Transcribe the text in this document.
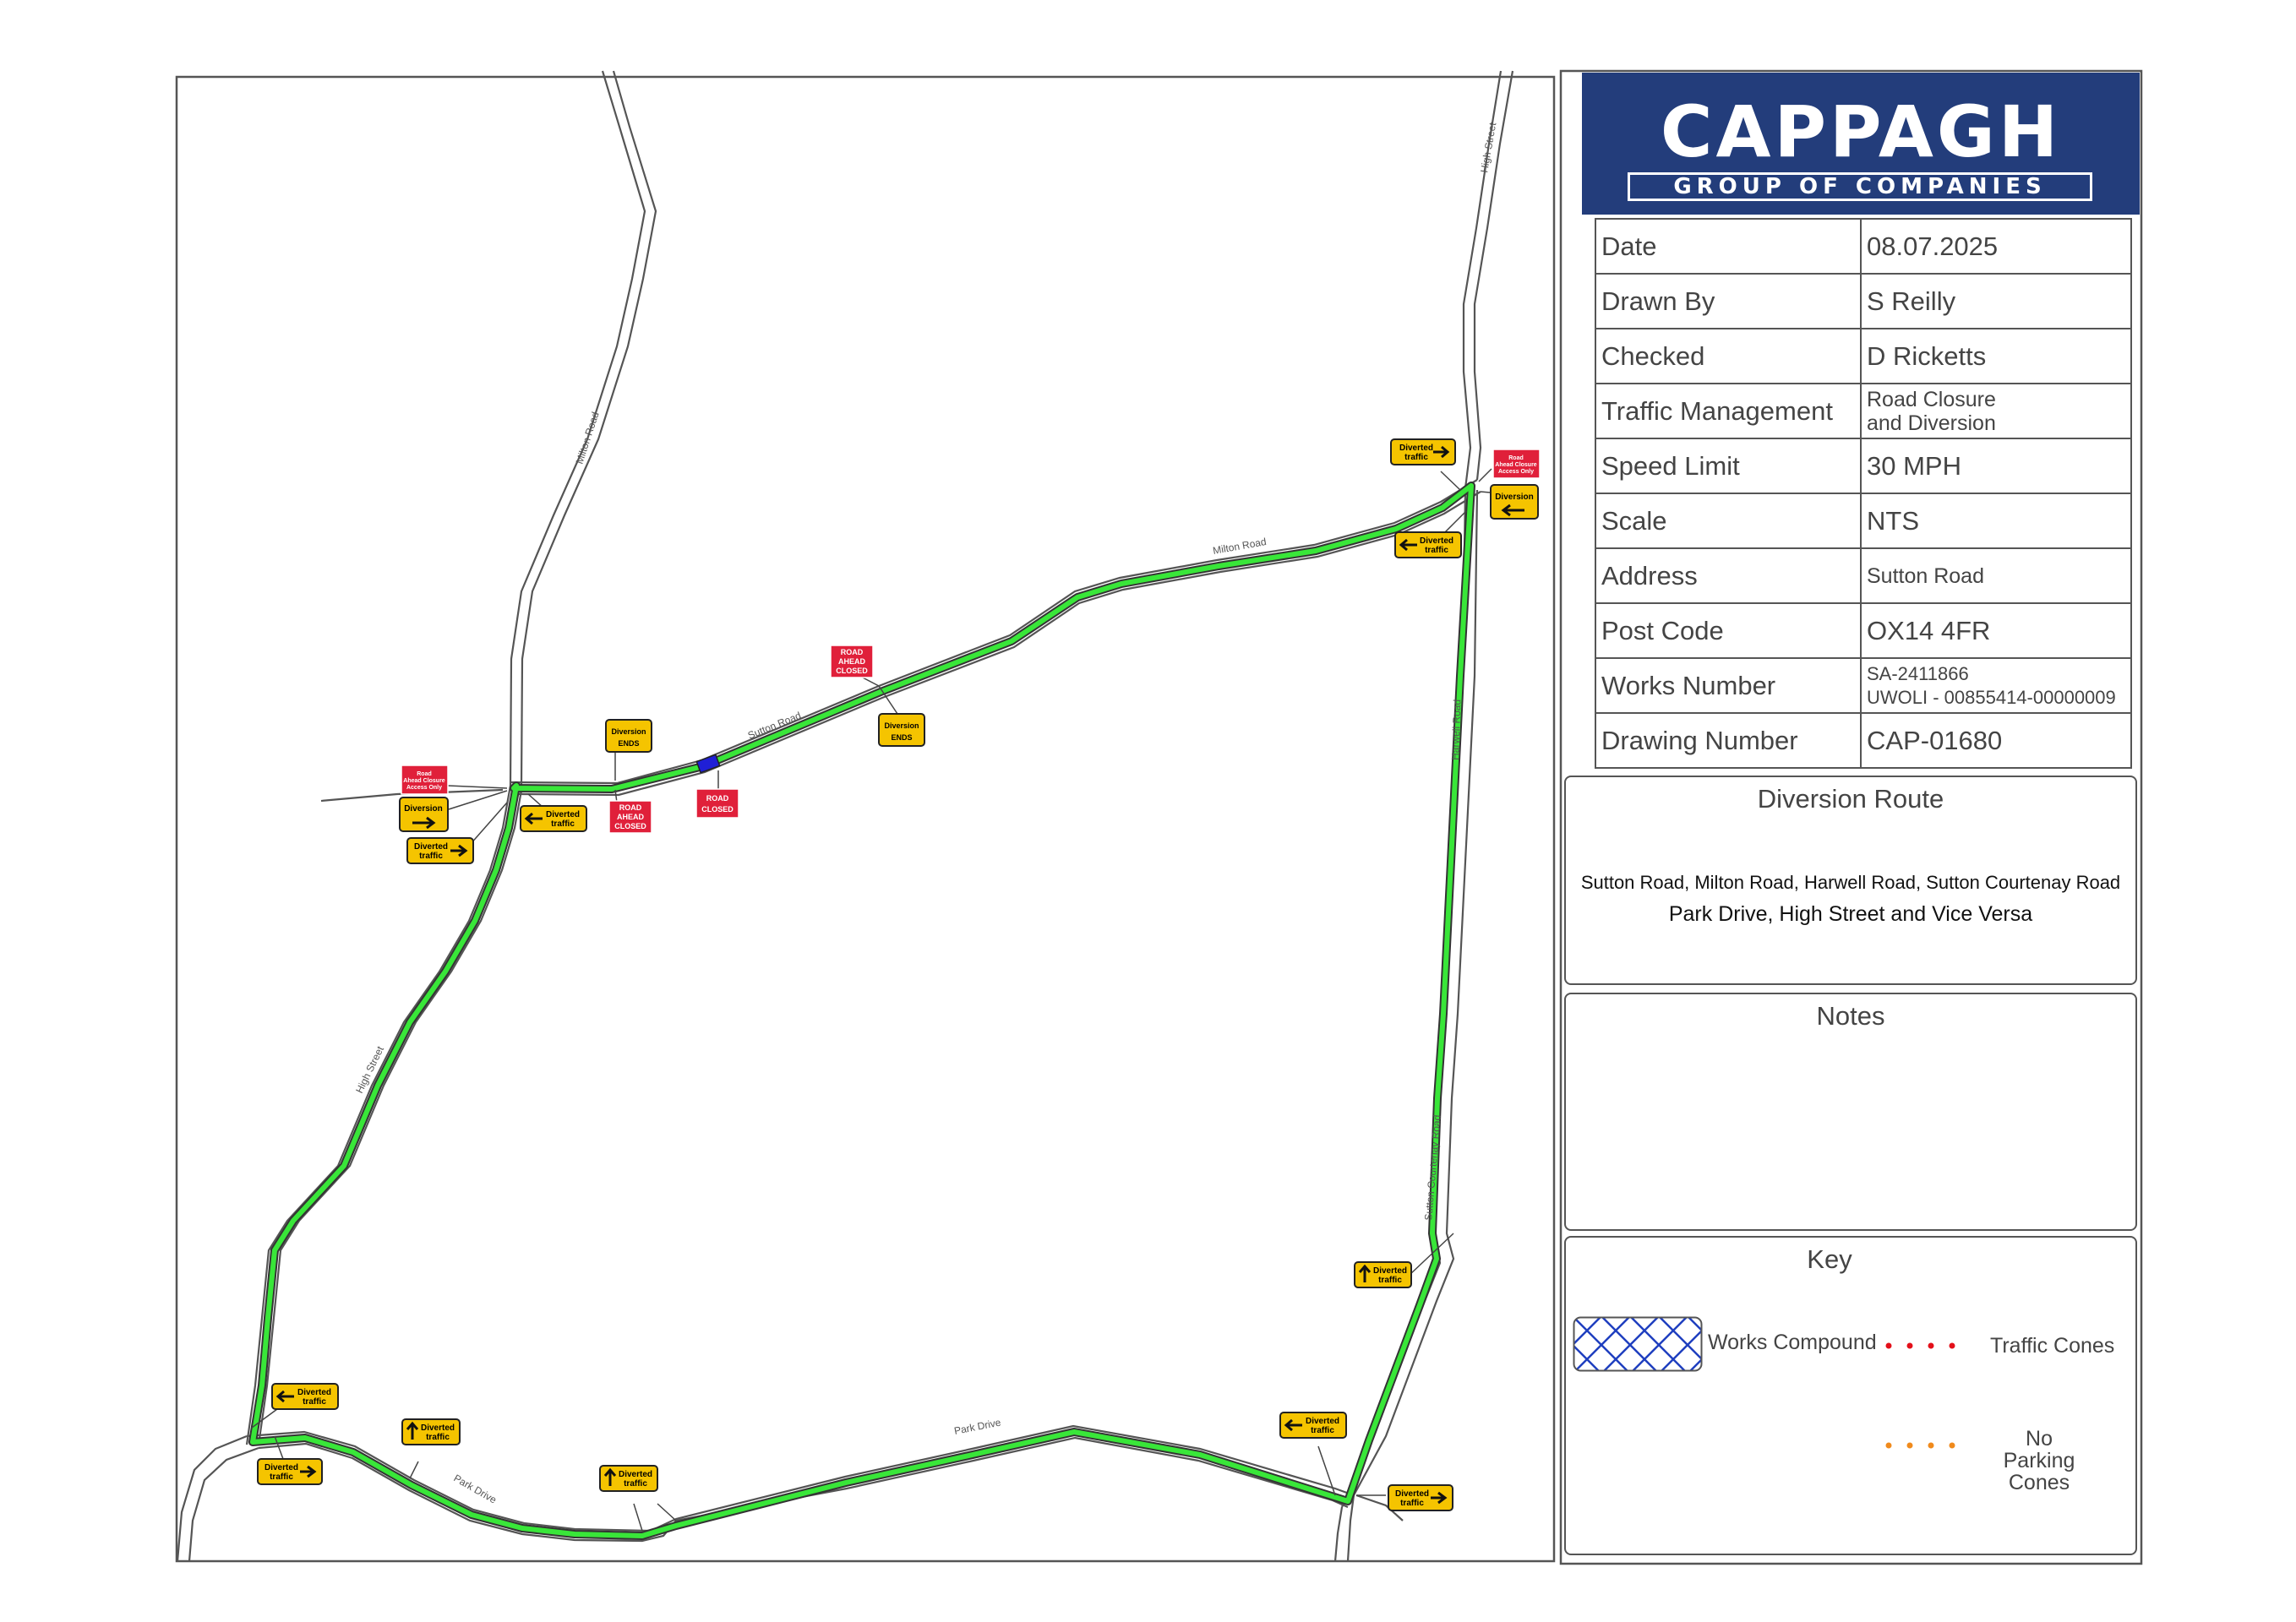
Milton Road
Milton Road
Sutton Road
High Street
High Street
Harwell Road
Sutton Courtenay Road
Park Drive
Park Drive
Diverted
traffic	Road
Ahead Closure
Access Only
Diversion
Diverted
traffic
ROAD
AHEAD
CLOSED
Diversion
ENDS
Diversion
ENDS
ROAD
CLOSED
ROAD
AHEAD
CLOSED
Diverted
traffic
Road
Ahead Closure
Access Only
Diversion
Diverted
traffic
Diverted
traffic
Diverted
traffic
Diverted
traffic
Diverted
traffic
Diverted
traffic
Diverted
traffic	Diverted
traffic
CAPPAGH
GROUP OF COMPANIES
Date	08.07.2025
Drawn By	S Reilly
Checked	D Ricketts
Traffic Management	Road Closure
and Diversion

Speed Limit	30 MPH
Scale	NTS
Address	Sutton Road
Post Code	OX14 4FR
Works Number	SA-2411866
UWOLI - 00855414-00000009

Drawing Number	CAP-01680
Diversion Route
Sutton Road, Milton Road, Harwell Road, Sutton Courtenay Road
Park Drive, High Street and Vice Versa
Notes
Key
Works Compound	Traffic Cones
No Parking
Cones
